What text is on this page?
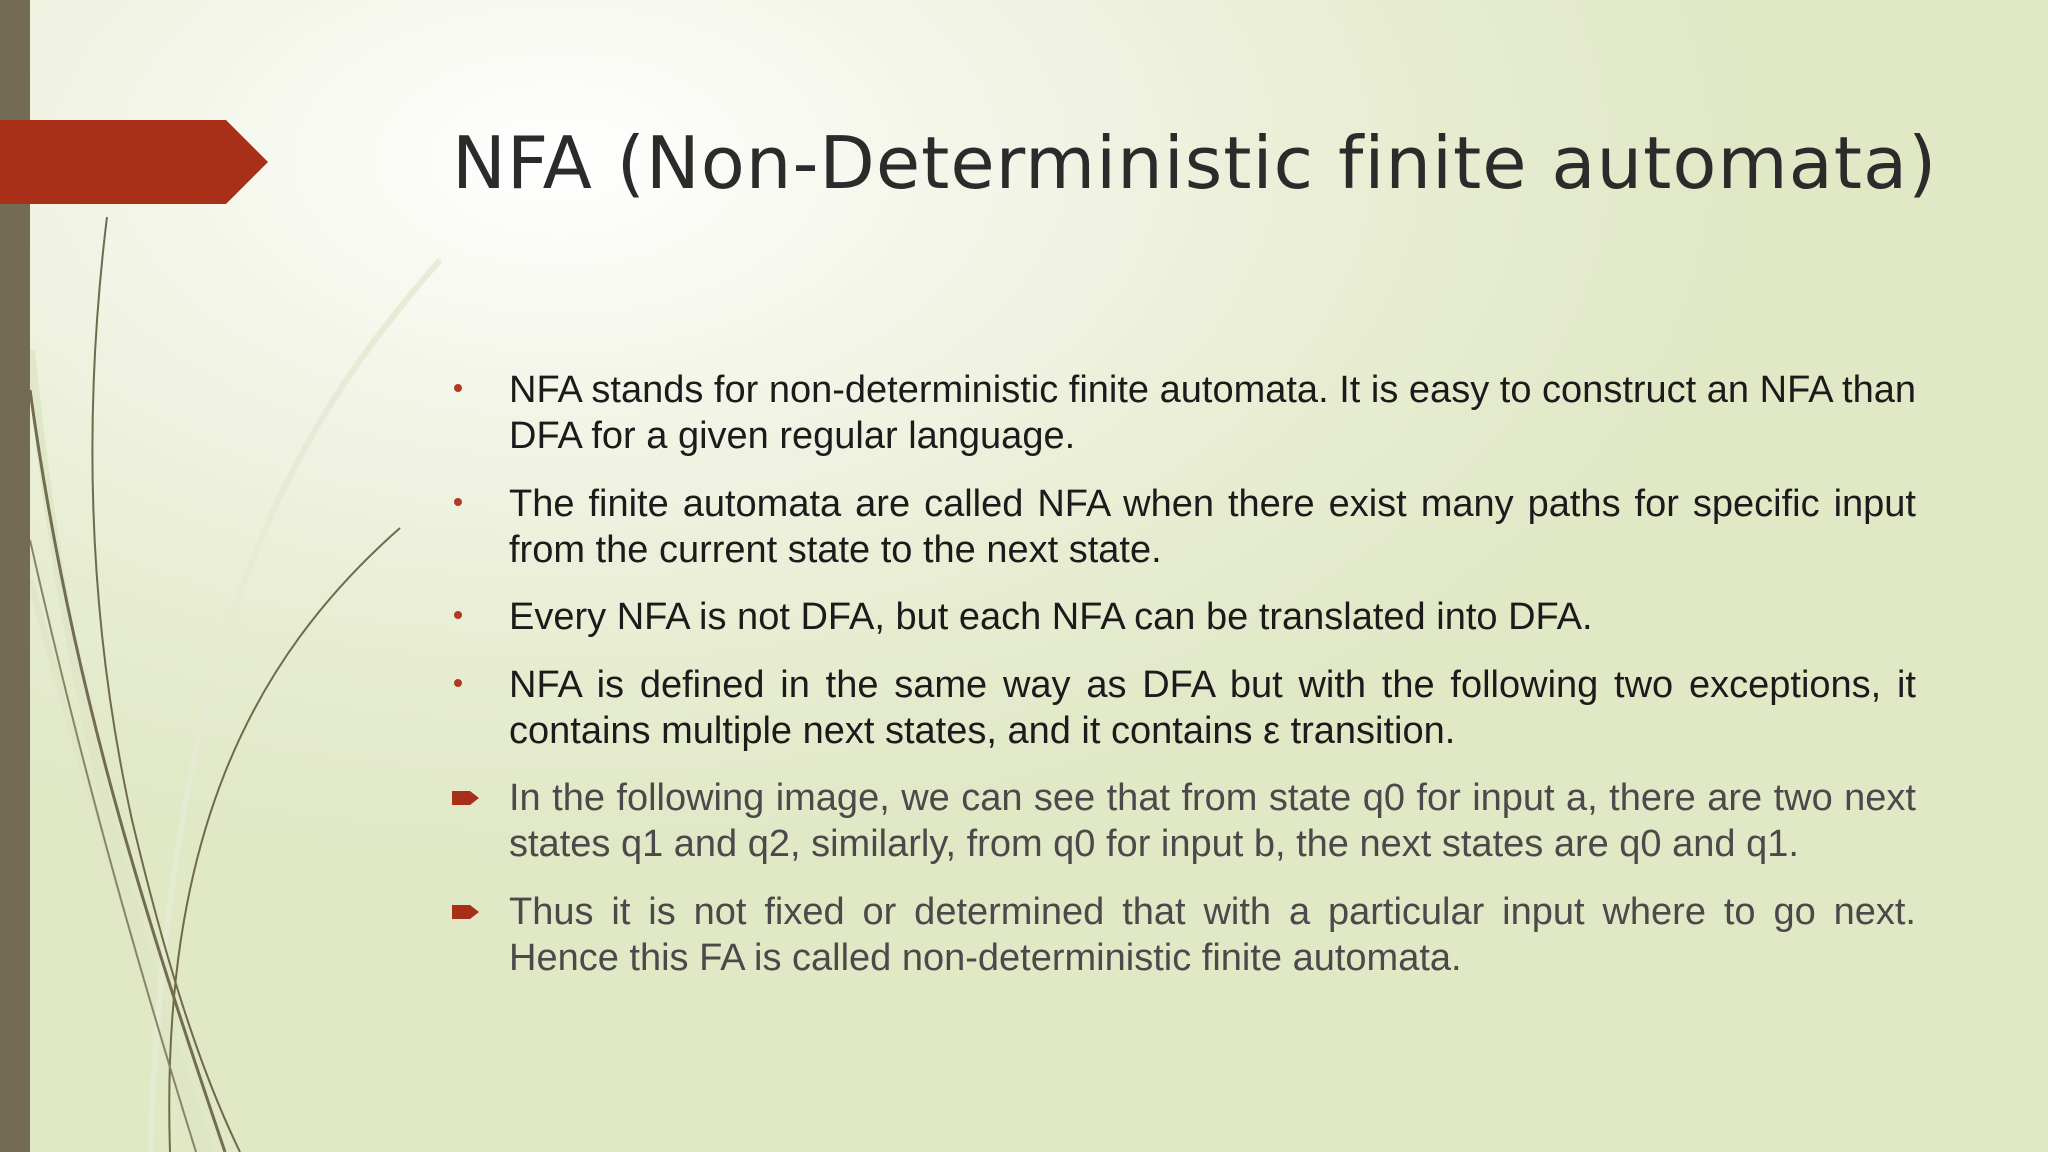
NFA (Non-Deterministic finite automata)
NFA stands for non-deterministic finite automata. It is easy to construct an NFA than DFA for a given regular language.
The finite automata are called NFA when there exist many paths for specific input from the current state to the next state.
Every NFA is not DFA, but each NFA can be translated into DFA.
NFA is defined in the same way as DFA but with the following two exceptions, it contains multiple next states, and it contains ε transition.
In the following image, we can see that from state q0 for input a, there are two next states q1 and q2, similarly, from q0 for input b, the next states are q0 and q1.
Thus it is not fixed or determined that with a particular input where to go next. Hence this FA is called non-deterministic finite automata.
